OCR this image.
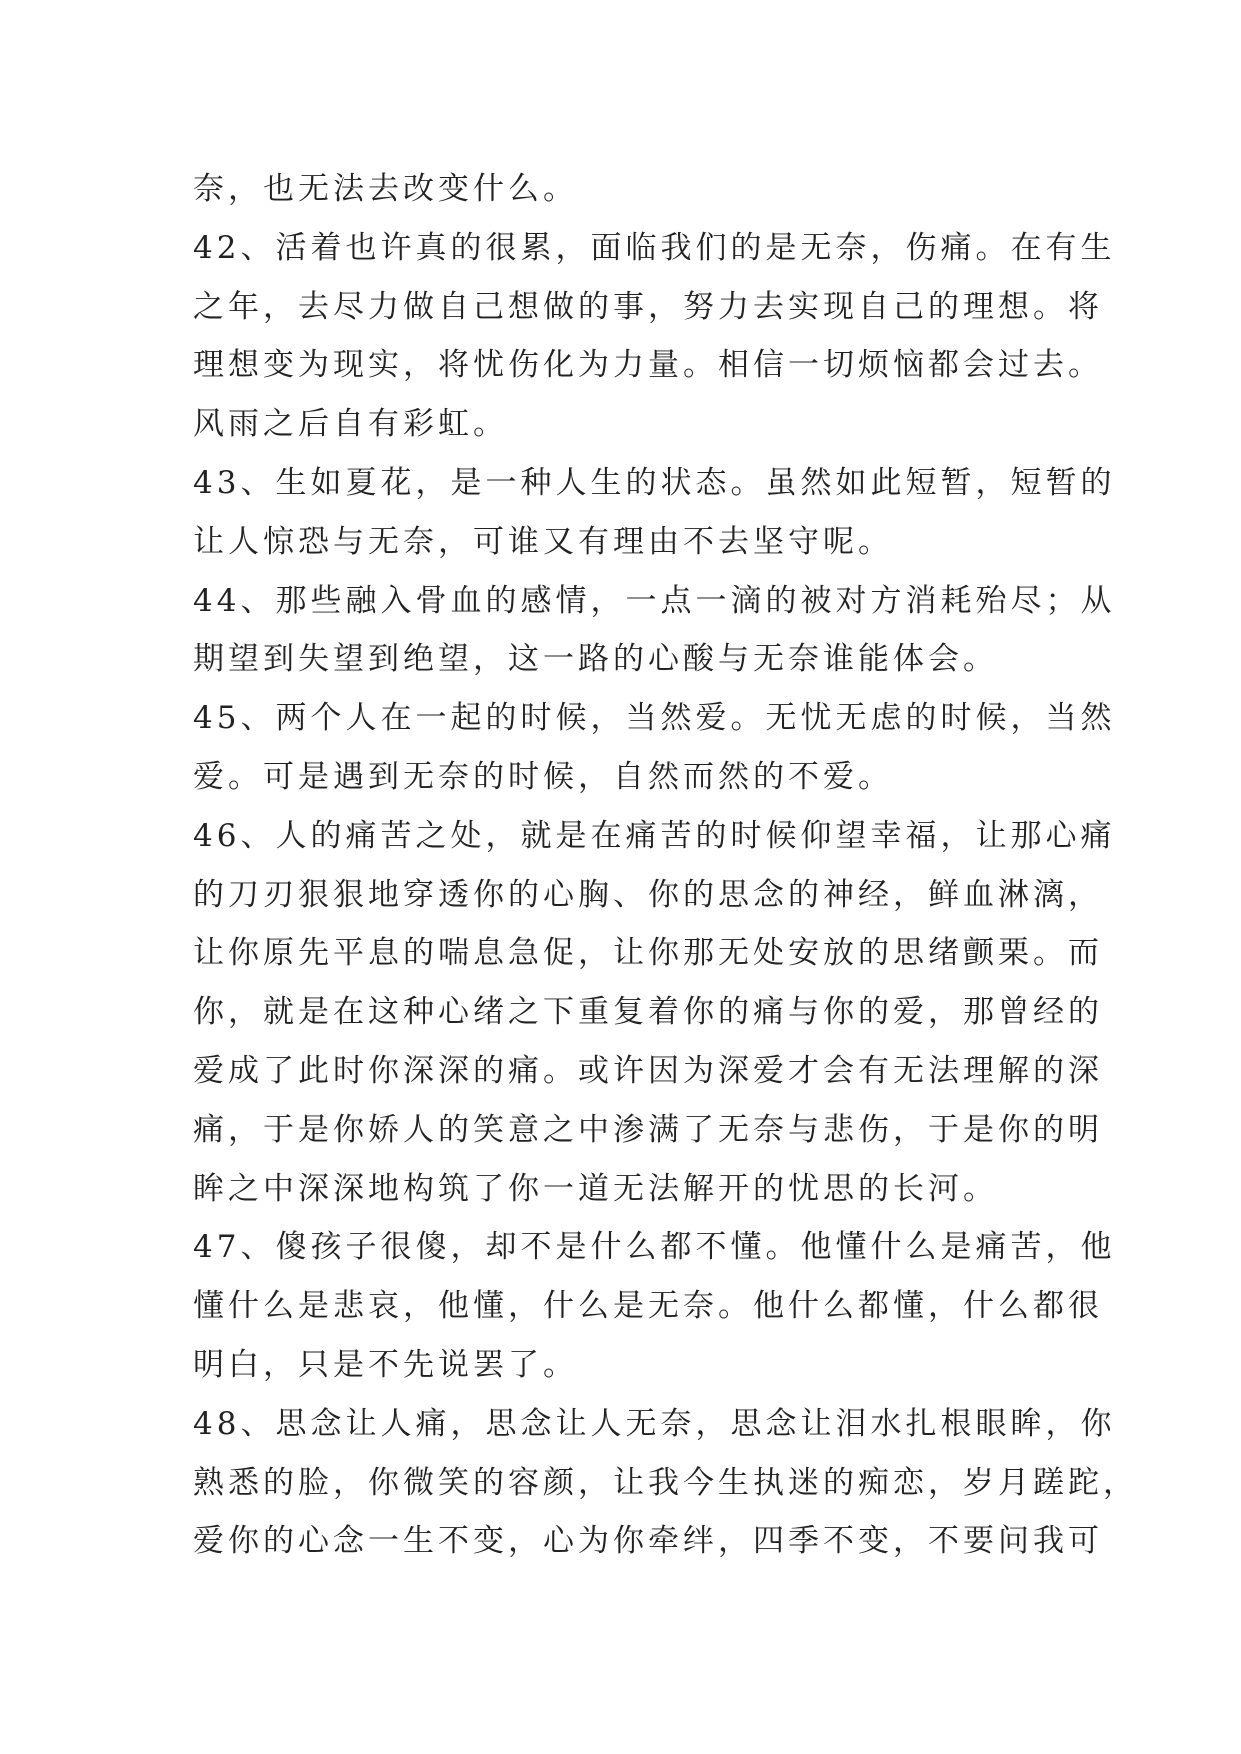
奈，也无法去改变什么。
42、活着也许真的很累，面临我们的是无奈，伤痛。在有生
之年，去尽力做自己想做的事，努力去实现自己的理想。将
理想变为现实，将忧伤化为力量。相信一切烦恼都会过去。
风雨之后自有彩虹。
43、生如夏花，是一种人生的状态。虽然如此短暂，短暂的
让人惊恐与无奈，可谁又有理由不去坚守呢。
44、那些融入骨血的感情，一点一滴的被对方消耗殆尽；从
期望到失望到绝望，这一路的心酸与无奈谁能体会。
45、两个人在一起的时候，当然爱。无忧无虑的时候，当然
爱。可是遇到无奈的时候，自然而然的不爱。
46、人的痛苦之处，就是在痛苦的时候仰望幸福，让那心痛
的刀刃狠狠地穿透你的心胸、你的思念的神经，鲜血淋漓，
让你原先平息的喘息急促，让你那无处安放的思绪颤栗。而
你，就是在这种心绪之下重复着你的痛与你的爱，那曾经的
爱成了此时你深深的痛。或许因为深爱才会有无法理解的深
痛，于是你娇人的笑意之中渗满了无奈与悲伤，于是你的明
眸之中深深地构筑了你一道无法解开的忧思的长河。
47、傻孩子很傻，却不是什么都不懂。他懂什么是痛苦，他
懂什么是悲哀，他懂，什么是无奈。他什么都懂，什么都很
明白，只是不先说罢了。
48、思念让人痛，思念让人无奈，思念让泪水扎根眼眸，你
熟悉的脸，你微笑的容颜，让我今生执迷的痴恋，岁月蹉跎，
爱你的心念一生不变，心为你牵绊，四季不变，不要问我可
